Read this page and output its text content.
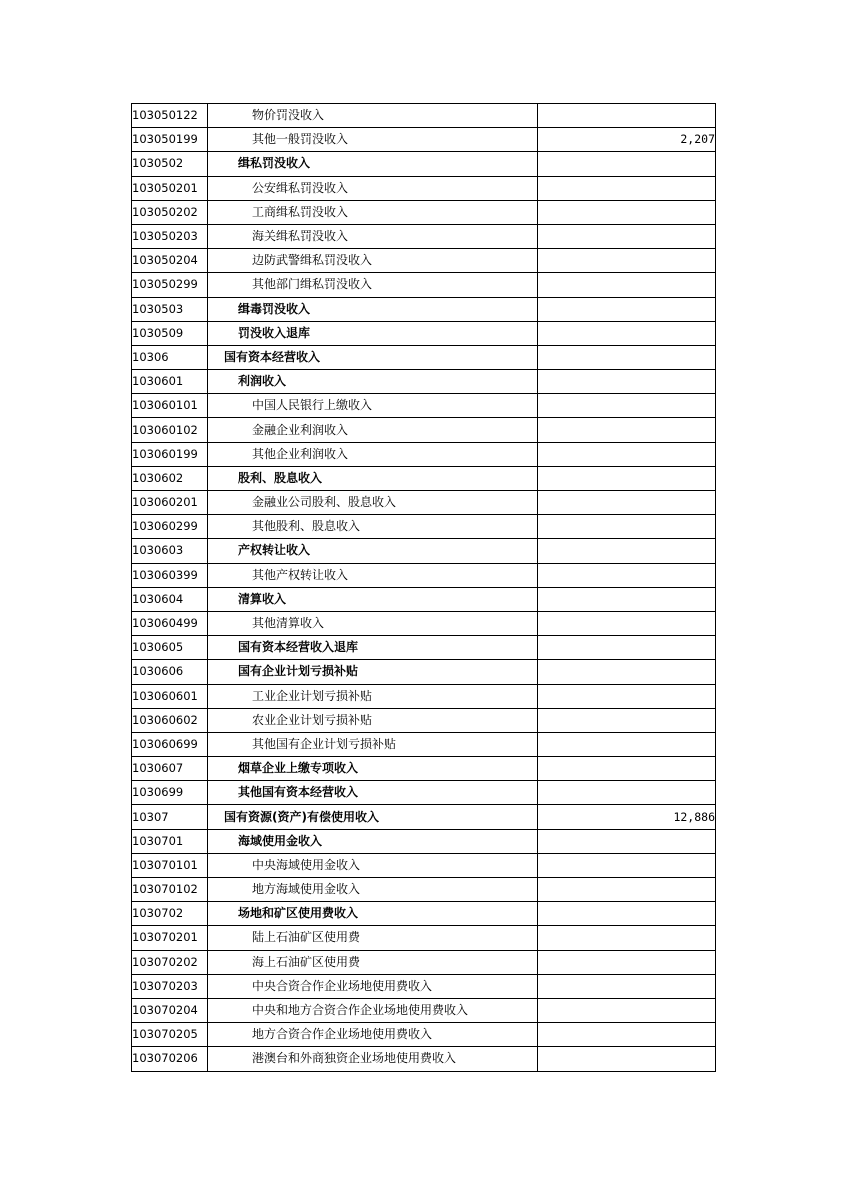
103050122	物价罚没收入	
103050199	其他一般罚没收入	2,207
1030502	缉私罚没收入	
103050201	公安缉私罚没收入	
103050202	工商缉私罚没收入	
103050203	海关缉私罚没收入	
103050204	边防武警缉私罚没收入	
103050299	其他部门缉私罚没收入	
1030503	缉毒罚没收入	
1030509	罚没收入退库	
10306	国有资本经营收入	
1030601	利润收入	
103060101	中国人民银行上缴收入	
103060102	金融企业利润收入	
103060199	其他企业利润收入	
1030602	股利、股息收入	
103060201	金融业公司股利、股息收入	
103060299	其他股利、股息收入	
1030603	产权转让收入	
103060399	其他产权转让收入	
1030604	清算收入	
103060499	其他清算收入	
1030605	国有资本经营收入退库	
1030606	国有企业计划亏损补贴	
103060601	工业企业计划亏损补贴	
103060602	农业企业计划亏损补贴	
103060699	其他国有企业计划亏损补贴	
1030607	烟草企业上缴专项收入	
1030699	其他国有资本经营收入	
10307	国有资源(资产)有偿使用收入	12,886
1030701	海域使用金收入	
103070101	中央海域使用金收入	
103070102	地方海域使用金收入	
1030702	场地和矿区使用费收入	
103070201	陆上石油矿区使用费	
103070202	海上石油矿区使用费	
103070203	中央合资合作企业场地使用费收入	
103070204	中央和地方合资合作企业场地使用费收入	
103070205	地方合资合作企业场地使用费收入	
103070206	港澳台和外商独资企业场地使用费收入	
